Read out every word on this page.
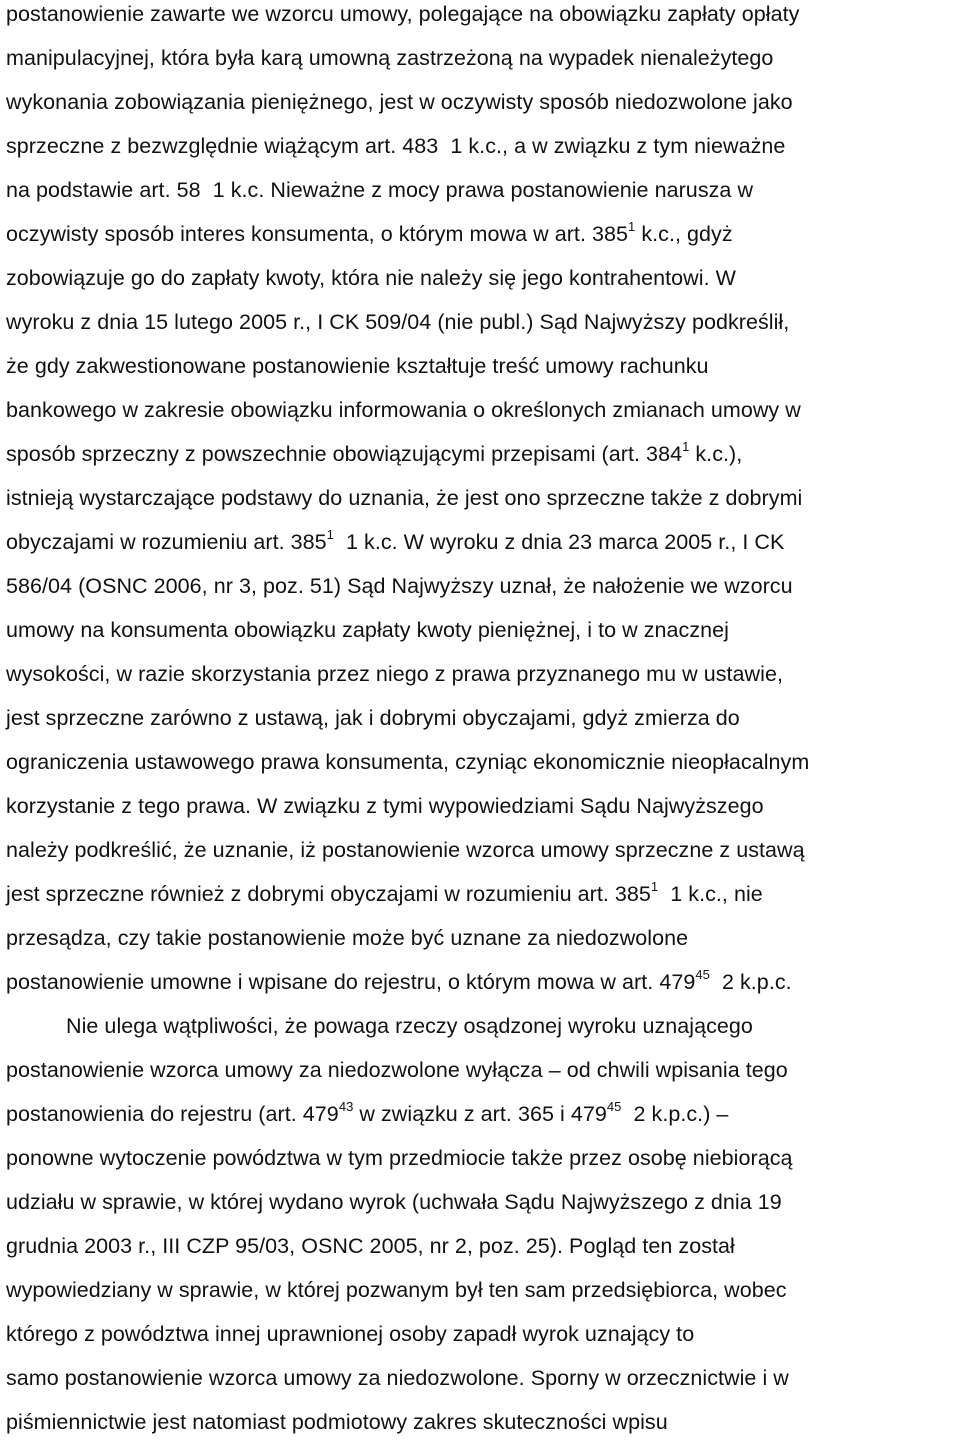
postanowienie zawarte we wzorcu umowy, polegające na obowiązku zapłaty opłaty
manipulacyjnej, która była karą umowną zastrzeżoną na wypadek nienależytego
wykonania zobowiązania pieniężnego, jest w oczywisty sposób niedozwolone jako
sprzeczne z bezwzględnie wiążącym art. 483  1 k.c., a w związku z tym nieważne
na podstawie art. 58  1 k.c. Nieważne z mocy prawa postanowienie narusza w
oczywisty sposób interes konsumenta, o którym mowa w art. $385^1$ k.c., gdyż
zobowiązuje go do zapłaty kwoty, która nie należy się jego kontrahentowi. W
wyroku z dnia 15 lutego 2005 r., I CK 509/04 (nie publ.) Sąd Najwyższy podkreślił,
że gdy zakwestionowane postanowienie kształtuje treść umowy rachunku
bankowego w zakresie obowiązku informowania o określonych zmianach umowy w
sposób sprzeczny z powszechnie obowiązującymi przepisami (art. $384^1$ k.c.),
istnieją wystarczające podstawy do uznania, że jest ono sprzeczne także z dobrymi
obyczajami w rozumieniu art. $385^1$  1 k.c. W wyroku z dnia 23 marca 2005 r., I CK
586/04 (OSNC 2006, nr 3, poz. 51) Sąd Najwyższy uznał, że nałożenie we wzorcu
umowy na konsumenta obowiązku zapłaty kwoty pieniężnej, i to w znacznej
wysokości, w razie skorzystania przez niego z prawa przyznanego mu w ustawie,
jest sprzeczne zarówno z ustawą, jak i dobrymi obyczajami, gdyż zmierza do
ograniczenia ustawowego prawa konsumenta, czyniąc ekonomicznie nieopłacalnym
korzystanie z tego prawa. W związku z tymi wypowiedziami Sądu Najwyższego
należy podkreślić, że uznanie, iż postanowienie wzorca umowy sprzeczne z ustawą
jest sprzeczne również z dobrymi obyczajami w rozumieniu art. $385^1$  1 k.c., nie
przesądza, czy takie postanowienie może być uznane za niedozwolone
postanowienie umowne i wpisane do rejestru, o którym mowa w art. $479^{45}$  2 k.p.c.
Nie ulega wątpliwości, że powaga rzeczy osądzonej wyroku uznającego
postanowienie wzorca umowy za niedozwolone wyłącza – od chwili wpisania tego
postanowienia do rejestru (art. $479^{43}$ w związku z art. 365 i $479^{45}$  2 k.p.c.) –
ponowne wytoczenie powództwa w tym przedmiocie także przez osobę niebiorącą
udziału w sprawie, w której wydano wyrok (uchwała Sądu Najwyższego z dnia 19
grudnia 2003 r., III CZP 95/03, OSNC 2005, nr 2, poz. 25). Pogląd ten został
wypowiedziany w sprawie, w której pozwanym był ten sam przedsiębiorca, wobec
którego z powództwa innej uprawnionej osoby zapadł wyrok uznający to
samo postanowienie wzorca umowy za niedozwolone. Sporny w orzecznictwie i w
piśmiennictwie jest natomiast podmiotowy zakres skuteczności wpisu
